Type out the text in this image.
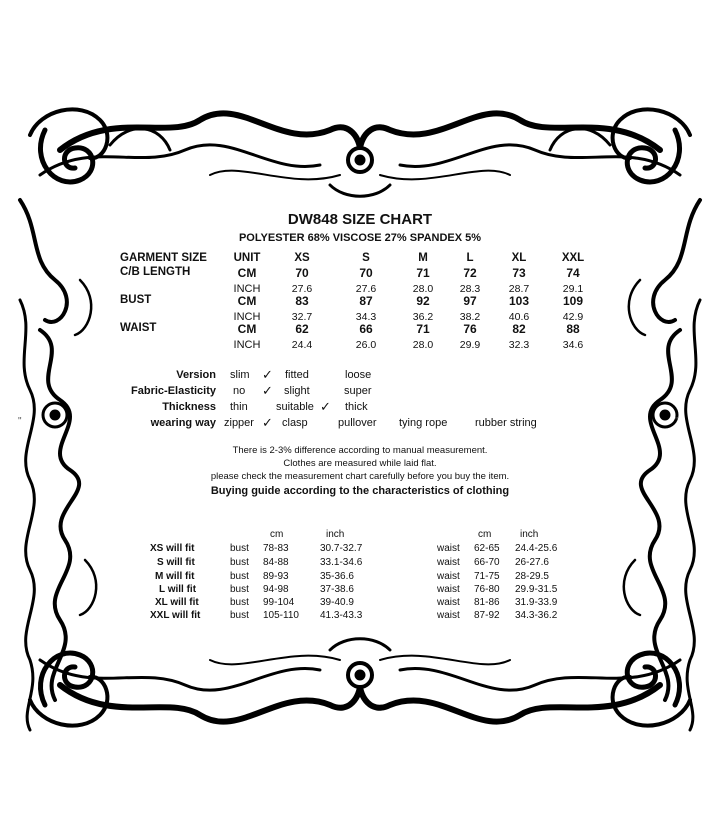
"	"
DW848 SIZE CHART
POLYESTER 68% VISCOSE 27% SPANDEX 5%
GARMENT SIZE	UNIT	XS	S	M	L	XL	XXL
C/B LENGTH	CM	70	70	71	72	73	74
INCH	27.6	27.6	28.0	28.3	28.7	29.1
BUST	CM	83	87	92	97	103	109
INCH	32.7	34.3	36.2	38.2	40.6	42.9
WAIST	CM	62	66	71	76	82	88
INCH	24.4	26.0	28.0	29.9	32.3	34.6
Version slim ✓ fitted	loose
Fabric-Elasticity no ✓ slight	super
Thickness thin	suitable ✓ thick
wearing way zipper ✓ clasp	pullover tying rope	rubber string
There is 2-3% difference according to manual measurement.
Clothes are measured while laid flat.
please check the measurement chart carefully before you buy the item.
Buying guide according to the characteristics of clothing
cm	inch	cm	inch
XS will fit	bust 78-83	30.7-32.7	waist 62-65 24.4-25.6
S will fit	bust 84-88	33.1-34.6	waist 66-70 26-27.6
M will fit	bust 89-93	35-36.6	waist 71-75 28-29.5
L will fit	bust 94-98	37-38.6	waist 76-80 29.9-31.5
XL will fit	bust 99-104	39-40.9	waist 81-86 31.9-33.9
XXL will fit	bust 105-110 41.3-43.3	waist 87-92 34.3-36.2
